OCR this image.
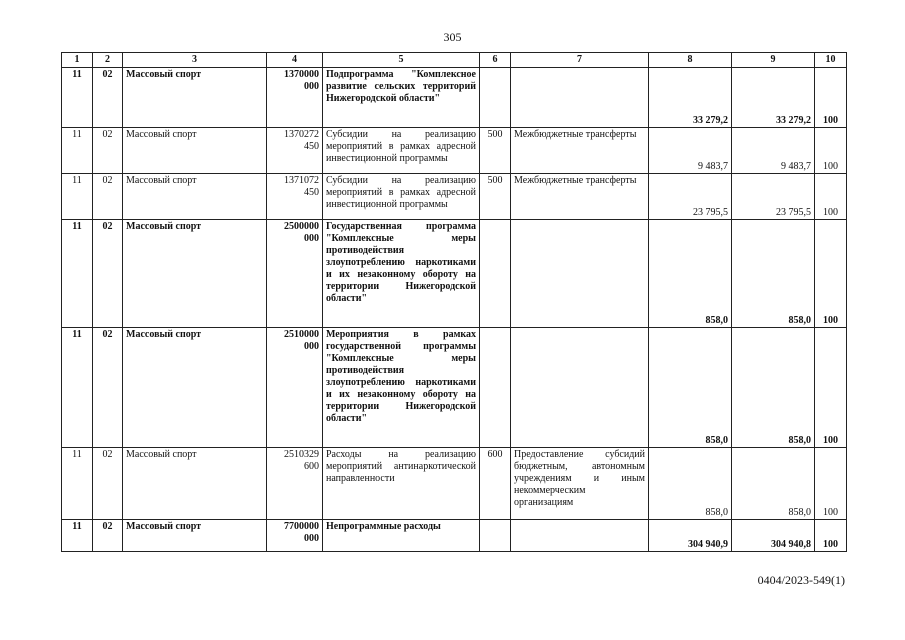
305
1	2	3	4	5	6	7	8	9	10
11	02	Массовый спорт	1370000 000	Подпрограмма "Комплексное развитие сельских территорий Нижегородской области"			33 279,2	33 279,2	100
11	02	Массовый спорт	1370272 450	Субсидии на реализацию мероприятий в рамках адресной инвестиционной программы	500	Межбюджетные трансферты	9 483,7	9 483,7	100
11	02	Массовый спорт	1371072 450	Субсидии на реализацию мероприятий в рамках адресной инвестиционной программы	500	Межбюджетные трансферты	23 795,5	23 795,5	100
11	02	Массовый спорт	2500000 000	Государственная программа "Комплексные меры противодействия злоупотреблению наркотиками и их незаконному обороту на территории Нижегородской области"			858,0	858,0	100
11	02	Массовый спорт	2510000 000	Мероприятия в рамках государственной программы "Комплексные меры противодействия злоупотреблению наркотиками и их незаконному обороту на территории Нижегородской области"			858,0	858,0	100
11	02	Массовый спорт	2510329 600	Расходы на реализацию мероприятий антинаркотической направленности	600	Предоставление субсидий бюджетным, автономным учреждениям и иным некоммерческим организациям	858,0	858,0	100
11	02	Массовый спорт	7700000 000	Непрограммные расходы			304 940,9	304 940,8	100
0404/2023-549(1)
